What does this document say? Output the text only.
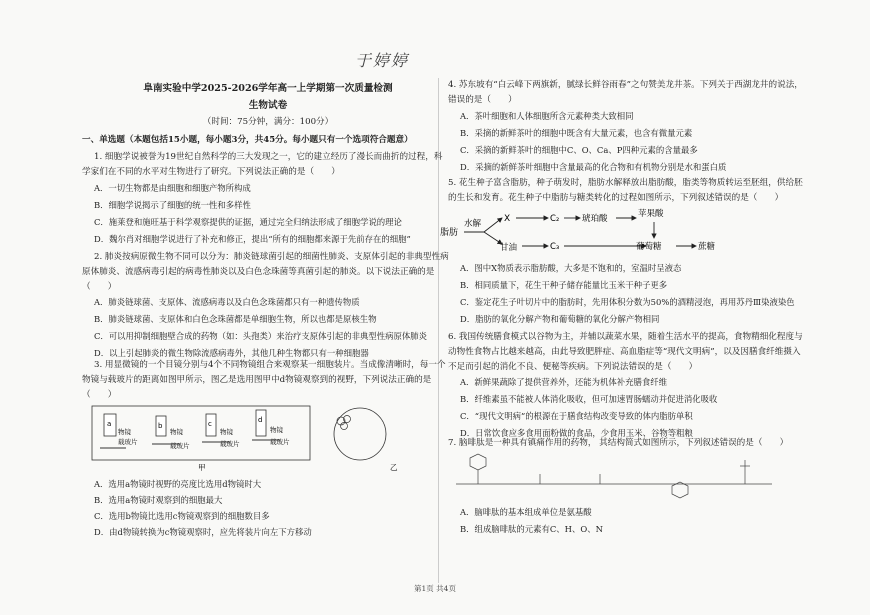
于婷婷
阜南实验中学2025-2026学年高一上学期第一次质量检测
生物试卷
（时间：75分钟，满分：100分）
一、单选题（本题包括15小题，每小题3分，共45分。每小题只有一个选项符合题意）
1. 细胞学说被誉为19世纪自然科学的三大发现之一，它的建立经历了漫长而曲折的过程，科
学家们在不同的水平对生物进行了研究。下列说法正确的是（　　）
A．一切生物都是由细胞和细胞产物所构成
B．细胞学说揭示了细胞的统一性和多样性
C．施莱登和施旺基于科学观察提供的证据，通过完全归纳法形成了细胞学说的理论
D．魏尔肖对细胞学说进行了补充和修正，提出“所有的细胞都来源于先前存在的细胞”
2. 肺炎按病原微生物不同可以分为：肺炎链球菌引起的细菌性肺炎、支原体引起的非典型性病
原体肺炎、流感病毒引起的病毒性肺炎以及白色念珠菌等真菌引起的肺炎。以下说法正确的是
（　　）
A．肺炎链球菌、支原体、流感病毒以及白色念珠菌都只有一种遗传物质
B．肺炎链球菌、支原体和白色念珠菌都是单细胞生物，所以也都是原核生物
C．可以用抑制细胞壁合成的药物（如：头孢类）来治疗支原体引起的非典型性病原体肺炎
D．以上引起肺炎的微生物除流感病毒外，其他几种生物都只有一种细胞器
3. 用显微镜的一个目镜分别与4个不同物镜组合来观察某一细胞装片。当成像清晰时，每一个
物镜与载玻片的距离如图甲所示，图乙是选用图甲中d物镜观察到的视野，下列说法正确的是
（　　）
a
物镜
载玻片
b
物镜
载玻片
c
物镜
载玻片
d
物镜
载玻片
甲	乙
A．选用a物镜时视野的亮度比选用d物镜时大
B．选用a物镜时观察到的细胞最大
C．选用b物镜比选用c物镜观察到的细胞数目多
D．由d物镜转换为c物镜观察时，应先将装片向左下方移动
4. 苏东坡有“白云峰下两旗新，腻绿长鲜谷雨春”之句赞美龙井茶。下列关于西湖龙井的说法，
错误的是（　　）
A．茶叶细胞和人体细胞所含元素种类大致相同
B．采摘的新鲜茶叶的细胞中既含有大量元素，也含有微量元素
C．采摘的新鲜茶叶的细胞中C、O、Ca、P四种元素的含量最多
D．采摘的新鲜茶叶细胞中含量最高的化合物和有机物分别是水和蛋白质
5. 花生种子富含脂肪，种子萌发时，脂肪水解释放出脂肪酸，脂类等物质转运至胚组，供给胚
的生长和发育。花生种子中脂肪与糖类转化的过程如图所示，下列叙述错误的是（　　）
脂肪
水解	X
甘油
C₂
C₃
琥珀酸	苹果酸
葡萄糖	蔗糖
A．图中X物质表示脂肪酸，大多是不饱和的，室温时呈液态
B．相同质量下，花生干种子储存能量比玉米干种子更多
C．鉴定花生子叶切片中的脂肪时，先用体积分数为50%的酒精浸泡，再用苏丹Ⅲ染液染色
D．脂肪的氧化分解产物和葡萄糖的氧化分解产物相同
6. 我国传统膳食模式以谷物为主，并辅以蔬菜水果，随着生活水平的提高，食物精细化程度与
动物性食物占比越来越高，由此导致肥胖症、高血脂症等“现代文明病”，以及因膳食纤维摄入
不足而引起的消化不良、便秘等疾病。下列说法错误的是（　　）
A．新鲜果蔬除了提供营养外，还能为机体补充膳食纤维
B．纤维素虽不能被人体消化吸收，但可加速胃肠蠕动并促进消化吸收
C．“现代文明病”的根源在于膳食结构改变导致的体内脂肪单积
D．日常饮食应多食用面粉做的食品，少食用玉米、谷物等粗粮
7. 脑啡肽是一种具有镇痛作用的药物， 其结构简式如图所示，下列叙述错误的是（　　）
A．脑啡肽的基本组成单位是氨基酸
B．组成脑啡肽的元素有C、H、O、N
第1页 共4页
